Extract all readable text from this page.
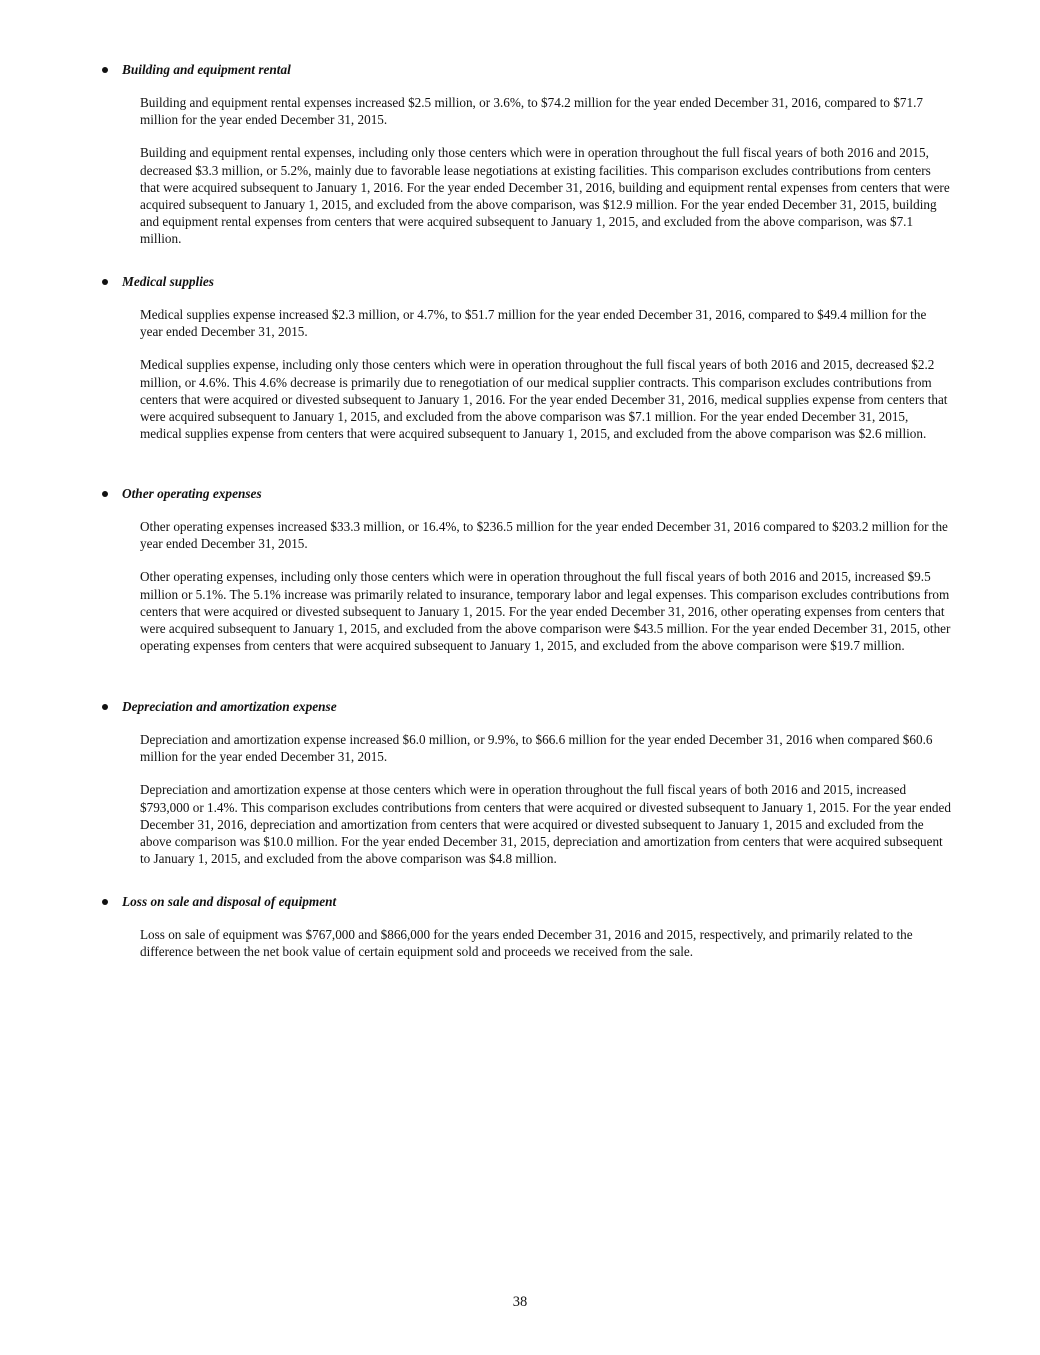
Building and equipment rental

Building and equipment rental expenses increased $2.5 million, or 3.6%, to $74.2 million for the year ended December 31, 2016, compared to $71.7 million for the year ended December 31, 2015.

Building and equipment rental expenses, including only those centers which were in operation throughout the full fiscal years of both 2016 and 2015, decreased $3.3 million, or 5.2%, mainly due to favorable lease negotiations at existing facilities. This comparison excludes contributions from centers that were acquired subsequent to January 1, 2016. For the year ended December 31, 2016, building and equipment rental expenses from centers that were acquired subsequent to January 1, 2015, and excluded from the above comparison, was $12.9 million. For the year ended December 31, 2015, building and equipment rental expenses from centers that were acquired subsequent to January 1, 2015, and excluded from the above comparison, was $7.1 million.

Medical supplies

Medical supplies expense increased $2.3 million, or 4.7%, to $51.7 million for the year ended December 31, 2016, compared to $49.4 million for the year ended December 31, 2015.

Medical supplies expense, including only those centers which were in operation throughout the full fiscal years of both 2016 and 2015, decreased $2.2 million, or 4.6%. This 4.6% decrease is primarily due to renegotiation of our medical supplier contracts. This comparison excludes contributions from centers that were acquired or divested subsequent to January 1, 2016. For the year ended December 31, 2016, medical supplies expense from centers that were acquired subsequent to January 1, 2015, and excluded from the above comparison was $7.1 million. For the year ended December 31, 2015, medical supplies expense from centers that were acquired subsequent to January 1, 2015, and excluded from the above comparison was $2.6 million.

Other operating expenses

Other operating expenses increased $33.3 million, or 16.4%, to $236.5 million for the year ended December 31, 2016 compared to $203.2 million for the year ended December 31, 2015.

Other operating expenses, including only those centers which were in operation throughout the full fiscal years of both 2016 and 2015, increased $9.5 million or 5.1%. The 5.1% increase was primarily related to insurance, temporary labor and legal expenses. This comparison excludes contributions from centers that were acquired or divested subsequent to January 1, 2015. For the year ended December 31, 2016, other operating expenses from centers that were acquired subsequent to January 1, 2015, and excluded from the above comparison were $43.5 million. For the year ended December 31, 2015, other operating expenses from centers that were acquired subsequent to January 1, 2015, and excluded from the above comparison were $19.7 million.

Depreciation and amortization expense

Depreciation and amortization expense increased $6.0 million, or 9.9%, to $66.6 million for the year ended December 31, 2016 when compared $60.6 million for the year ended December 31, 2015.

Depreciation and amortization expense at those centers which were in operation throughout the full fiscal years of both 2016 and 2015, increased $793,000 or 1.4%. This comparison excludes contributions from centers that were acquired or divested subsequent to January 1, 2015. For the year ended December 31, 2016, depreciation and amortization from centers that were acquired or divested subsequent to January 1, 2015 and excluded from the above comparison was $10.0 million. For the year ended December 31, 2015, depreciation and amortization from centers that were acquired subsequent to January 1, 2015, and excluded from the above comparison was $4.8 million.

Loss on sale and disposal of equipment

Loss on sale of equipment was $767,000 and $866,000 for the years ended December 31, 2016 and 2015, respectively, and primarily related to the difference between the net book value of certain equipment sold and proceeds we received from the sale.

38
